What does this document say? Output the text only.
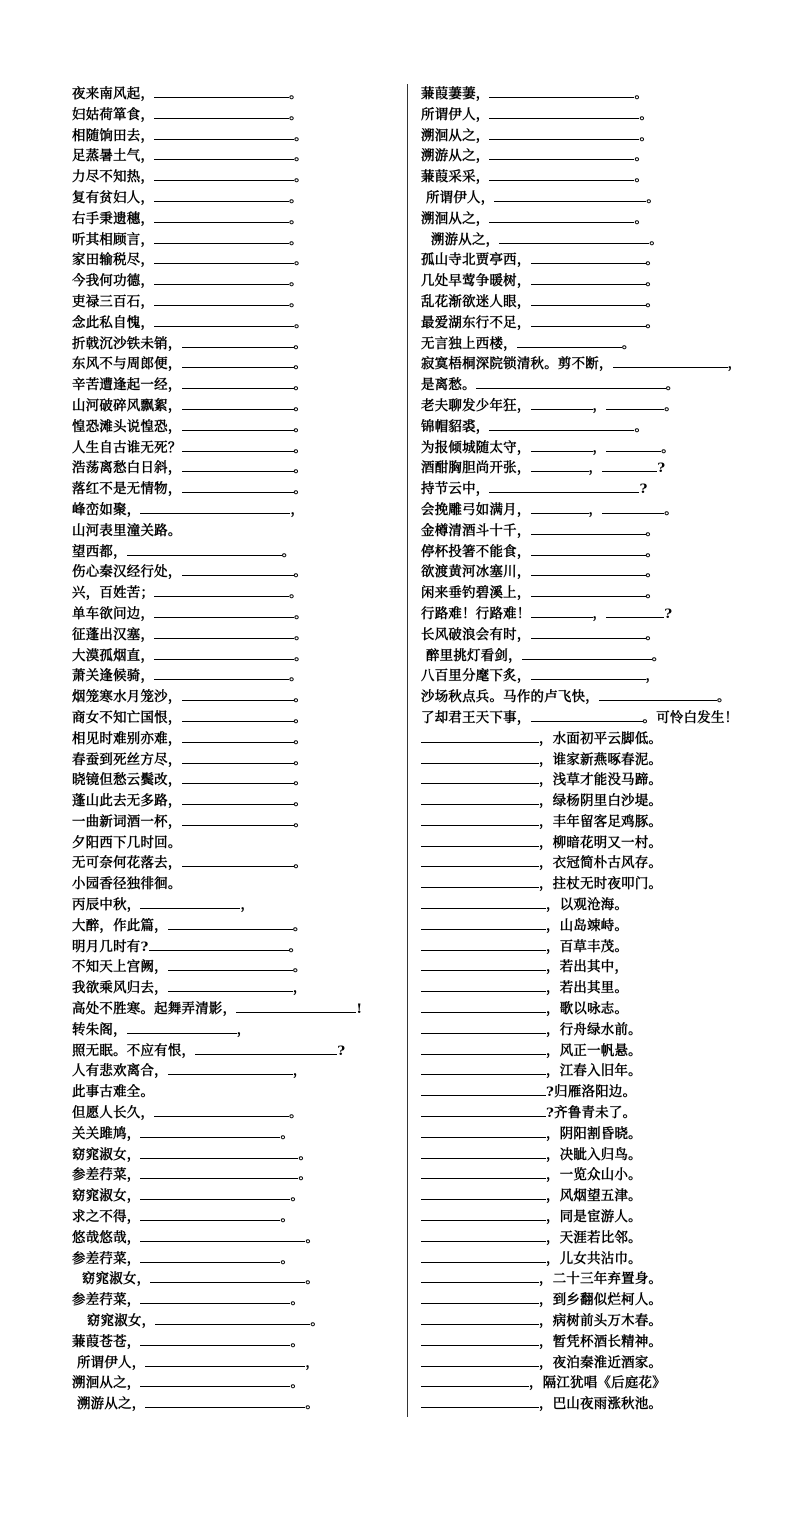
夜来南风起，	。
妇姑荷箪食，	。
相随饷田去，	。
足蒸暑土气，	。
力尽不知热，	。
复有贫妇人，	。
右手秉遗穗，	。
听其相顾言，	。
家田输税尽，	。
今我何功德，	。
吏禄三百石，	。
念此私自愧，	。
折戟沉沙铁未销，	。
东风不与周郎便，	。
辛苦遭逢起一经，	。
山河破碎风飘絮，	。
惶恐滩头说惶恐，	。
人生自古谁无死？	。
浩荡离愁白日斜，	。
落红不是无情物，	。
峰峦如聚，	，
山河表里潼关路。
望西都，	。
伤心秦汉经行处，	。
兴，百姓苦；	。
单车欲问边，	。
征蓬出汉塞，	。
大漠孤烟直，	。
萧关逢候骑，	。
烟笼寒水月笼沙，	。
商女不知亡国恨，	。
相见时难别亦难，	。
春蚕到死丝方尽，	。
晓镜但愁云鬓改，	。
蓬山此去无多路，	。
一曲新词酒一杯，	。
夕阳西下几时回。
无可奈何花落去，	。
小园香径独徘徊。
丙辰中秋，	，
大醉，作此篇，	。
明月几时有?	。
不知天上宫阙，	。
我欲乘风归去，	，
高处不胜寒。起舞弄清影，	!
转朱阁，	，
照无眠。不应有恨，	?
人有悲欢离合，	，
此事古难全。
但愿人长久，	。
关关雎鸠，	。
窈窕淑女，	。
参差荇菜，	。
窈窕淑女，	。
求之不得，	。
悠哉悠哉，	。
参差荇菜，	。
窈窕淑女，	。
参差荇菜，	。
窈窕淑女，	。
蒹葭苍苍，	。
所谓伊人，	，
溯洄从之，	。
溯游从之，	。
蒹葭萋萋，	。
所谓伊人，	。
溯洄从之，	。
溯游从之，	。
蒹葭采采，	。
所谓伊人，	。
溯洄从之，	。
溯游从之，	。
孤山寺北贾亭西，	。
几处早莺争暖树，	。
乱花渐欲迷人眼，	。
最爱湖东行不足，	。
无言独上西楼，	。
寂寞梧桐深院锁清秋。剪不断，	，
是离愁。	。
老夫聊发少年狂，	，	。
锦帽貂裘，	。
为报倾城随太守，	，	。
酒酣胸胆尚开张，	，	?
持节云中，	?
会挽雕弓如满月，	，	。
金樽清酒斗十千，	。
停杯投箸不能食，	。
欲渡黄河冰塞川，	。
闲来垂钓碧溪上，	。
行路难！行路难！	，	?
长风破浪会有时，	。
醉里挑灯看剑，	。
八百里分麾下炙，	，
沙场秋点兵。马作的卢飞快，	。
了却君王天下事，	。可怜白发生！
，水面初平云脚低。
，谁家新燕啄春泥。
，浅草才能没马蹄。
，绿杨阴里白沙堤。
，丰年留客足鸡豚。
，柳暗花明又一村。
，衣冠简朴古风存。
，拄杖无时夜叩门。
，以观沧海。
，山岛竦峙。
，百草丰茂。
，若出其中，
，若出其里。
，歌以咏志。
，行舟绿水前。
，风正一帆悬。
，江春入旧年。
?归雁洛阳边。
?齐鲁青未了。
，阴阳割昏晓。
，决眦入归鸟。
，一览众山小。
，风烟望五津。
，同是宦游人。
，天涯若比邻。
，儿女共沾巾。
，二十三年弃置身。
，到乡翻似烂柯人。
，病树前头万木春。
，暂凭杯酒长精神。
，夜泊秦淮近酒家。
，隔江犹唱《后庭花》
，巴山夜雨涨秋池。
